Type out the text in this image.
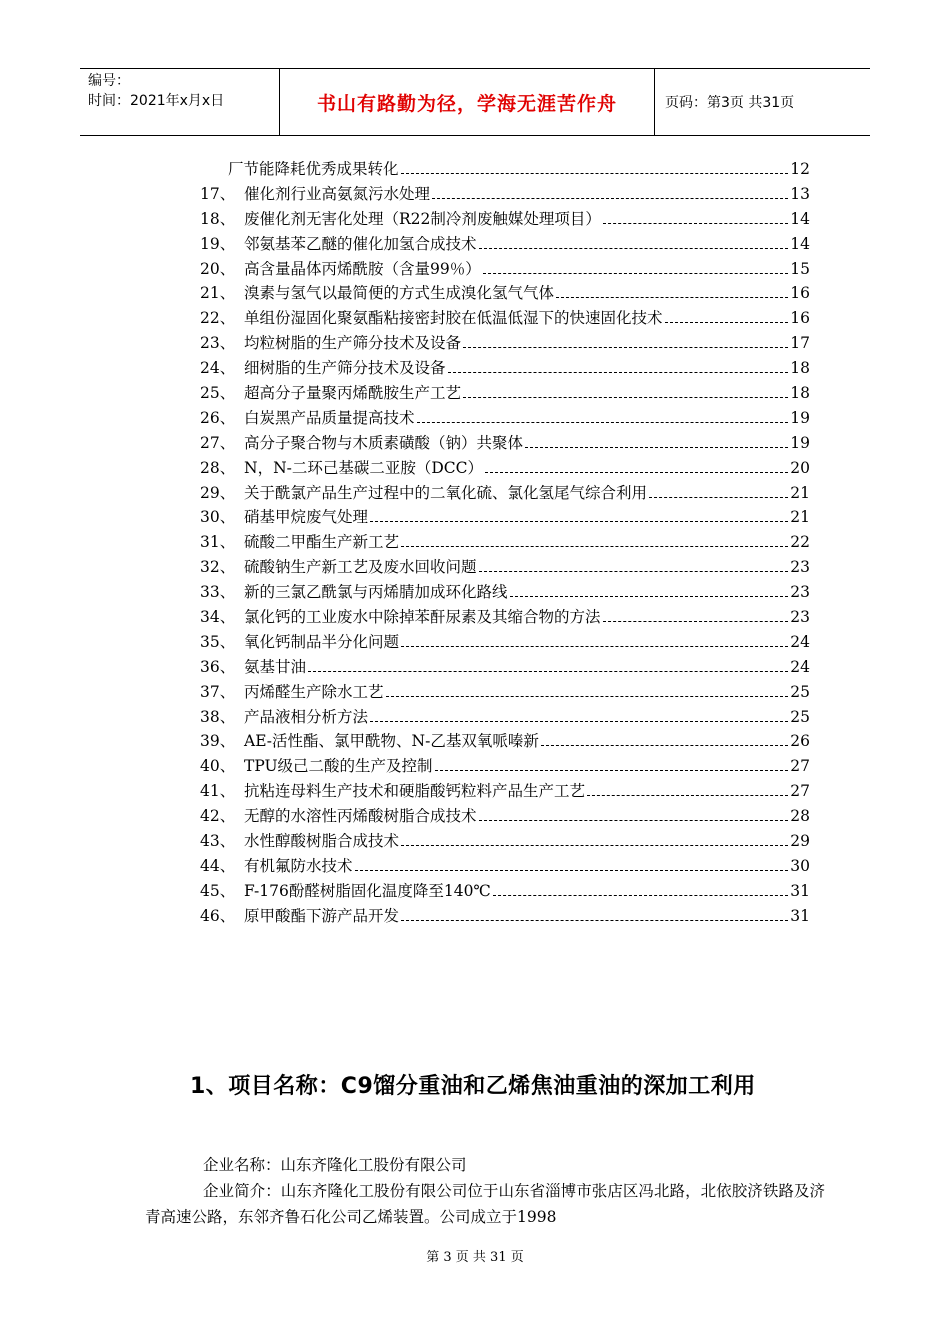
编号：
时间：2021年x月x日	书山有路勤为径，学海无涯苦作舟	页码：第3页 共31页
厂节能降耗优秀成果转化	12
17、 催化剂行业高氨氮污水处理	13
18、 废催化剂无害化处理（R22制冷剂废触媒处理项目）	14
19、 邻氨基苯乙醚的催化加氢合成技术	14
20、 高含量晶体丙烯酰胺（含量99％）	15
21、 溴素与氢气以最简便的方式生成溴化氢气气体	16
22、 单组份湿固化聚氨酯粘接密封胶在低温低湿下的快速固化技术	16
23、 均粒树脂的生产筛分技术及设备	17
24、 细树脂的生产筛分技术及设备	18
25、 超高分子量聚丙烯酰胺生产工艺	18
26、 白炭黑产品质量提高技术	19
27、 高分子聚合物与木质素磺酸（钠）共聚体	19
28、 N，N-二环己基碳二亚胺（DCC）	20
29、 关于酰氯产品生产过程中的二氧化硫、氯化氢尾气综合利用	21
30、 硝基甲烷废气处理	21
31、 硫酸二甲酯生产新工艺	22
32、 硫酸钠生产新工艺及废水回收问题	23
33、 新的三氯乙酰氯与丙烯腈加成环化路线	23
34、 氯化钙的工业废水中除掉苯酐尿素及其缩合物的方法	23
35、 氧化钙制品半分化问题	24
36、 氨基甘油	24
37、 丙烯醛生产除水工艺	25
38、 产品液相分析方法	25
39、 AE-活性酯、氯甲酰物、N-乙基双氧哌嗪新	26
40、 TPU级己二酸的生产及控制	27
41、 抗粘连母料生产技术和硬脂酸钙粒料产品生产工艺	27
42、 无醇的水溶性丙烯酸树脂合成技术	28
43、 水性醇酸树脂合成技术	29
44、 有机氟防水技术	30
45、 F-176酚醛树脂固化温度降至140℃	31
46、 原甲酸酯下游产品开发	31
1、项目名称：C9馏分重油和乙烯焦油重油的深加工利用

企业名称：山东齐隆化工股份有限公司

企业简介：山东齐隆化工股份有限公司位于山东省淄博市张店区冯北路，北依胶济铁路及济青高速公路，东邻齐鲁石化公司乙烯装置。公司成立于1998

第 3 页 共 31 页
